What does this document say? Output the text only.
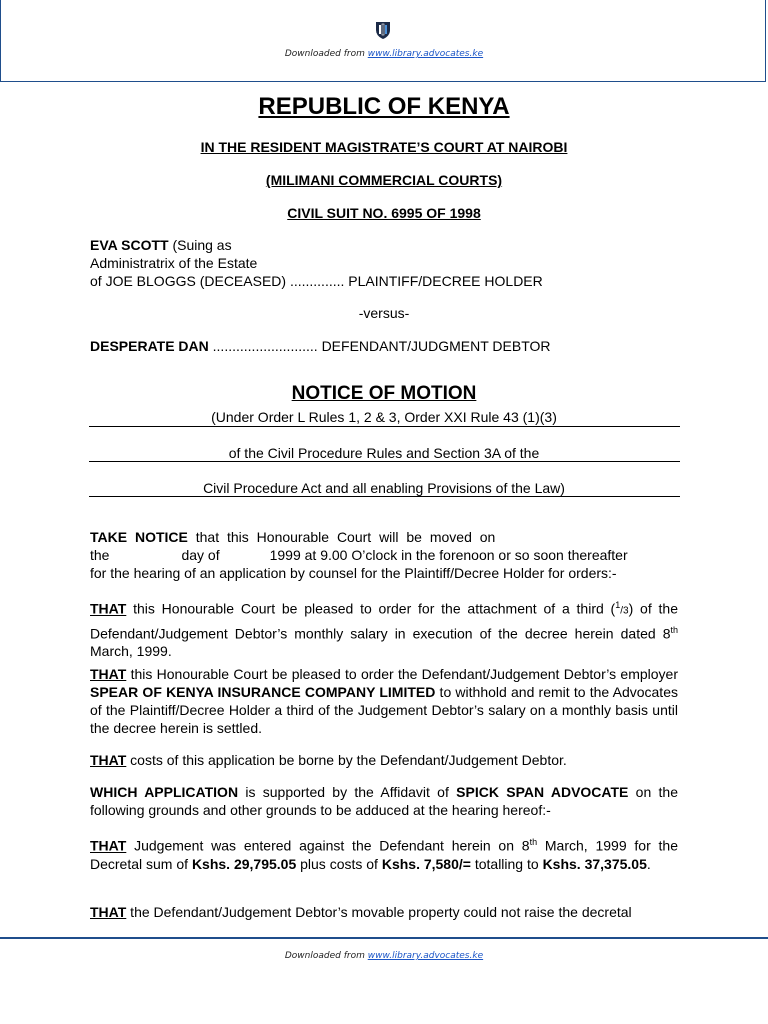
Downloaded from www.library.advocates.ke
REPUBLIC OF KENYA
IN THE RESIDENT MAGISTRATE’S COURT AT NAIROBI
(MILIMANI COMMERCIAL COURTS)
CIVIL SUIT NO. 6995 OF 1998
EVA SCOTT (Suing as
Administratrix of the Estate
of JOE BLOGGS (DECEASED) .............. PLAINTIFF/DECREE HOLDER
-versus-
DESPERATE DAN ........................... DEFENDANT/JUDGMENT DEBTOR
NOTICE OF MOTION
(Under Order L Rules 1, 2 & 3, Order XXI Rule 43 (1)(3)
of the Civil Procedure Rules and Section 3A of the
Civil Procedure Act and all enabling Provisions of the Law)
TAKE NOTICE that this Honourable Court will be moved on
the	day of	1999 at 9.00 O’clock in the forenoon or so soon thereafter
for the hearing of an application by counsel for the Plaintiff/Decree Holder for orders:-
THAT this Honourable Court be pleased to order for the attachment of a third ($^1$/3) of the Defendant/Judgement Debtor’s monthly salary in execution of the decree herein dated 8th March, 1999.
THAT this Honourable Court be pleased to order the Defendant/Judgement Debtor’s employer SPEAR OF KENYA INSURANCE COMPANY LIMITED to withhold and remit to the Advocates of the Plaintiff/Decree Holder a third of the Judgement Debtor’s salary on a monthly basis until the decree herein is settled.
THAT costs of this application be borne by the Defendant/Judgement Debtor.
WHICH APPLICATION is supported by the Affidavit of SPICK SPAN ADVOCATE on the following grounds and other grounds to be adduced at the hearing hereof:-
THAT Judgement was entered against the Defendant herein on 8th March, 1999 for the Decretal sum of Kshs. 29,795.05 plus costs of Kshs. 7,580/= totalling to Kshs. 37,375.05.
THAT the Defendant/Judgement Debtor’s movable property could not raise the decretal
Downloaded from www.library.advocates.ke
